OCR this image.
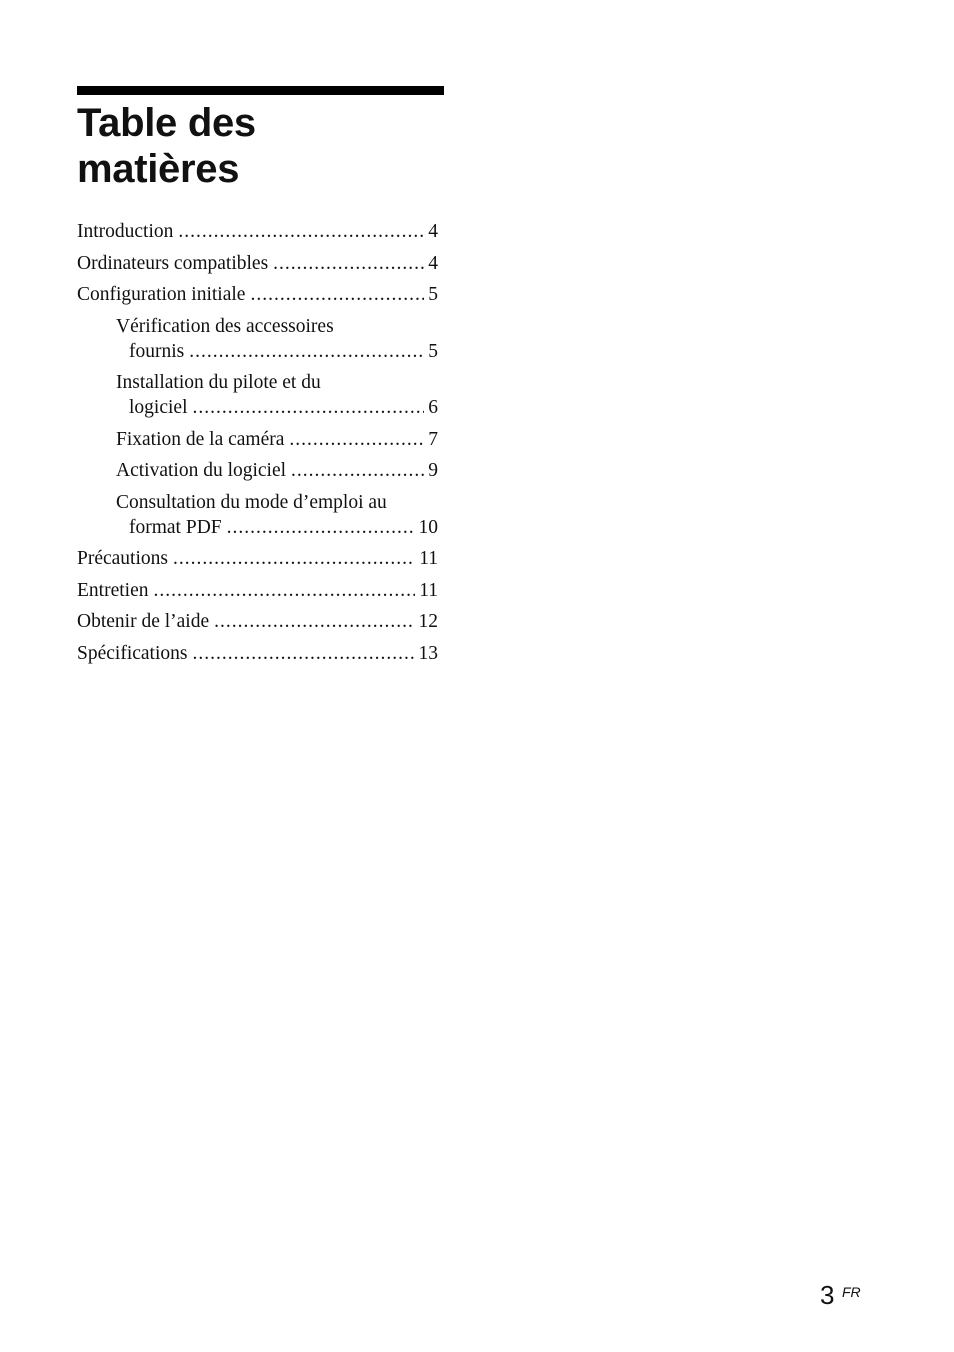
Table des
matières
Introduction .....	4
Ordinateurs compatibles .....	4
Configuration initiale .....	5
Vérification des accessoires
fournis .....	5
Installation du pilote et du
logiciel .....	6
Fixation de la caméra .....	7
Activation du logiciel .....	9
Consultation du mode d’emploi au
format PDF .....	10
Précautions .....	11
Entretien .....	11
Obtenir de l’aide .....	12
Spécifications .....	13
3 FR
